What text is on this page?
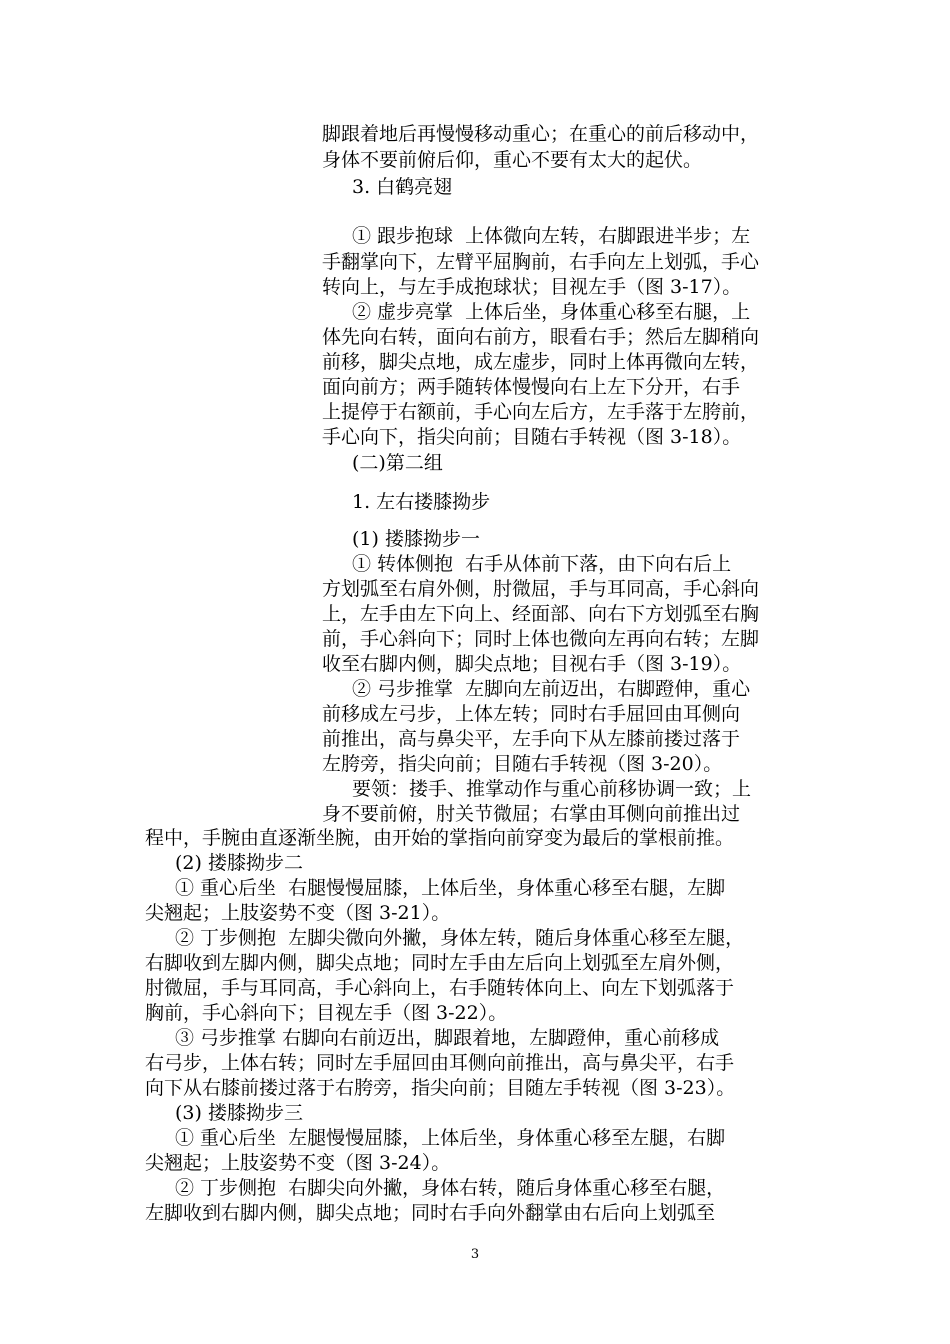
脚跟着地后再慢慢移动重心；在重心的前后移动中，
身体不要前俯后仰，重心不要有太大的起伏。
3. 白鹤亮翅
① 跟步抱球  上体微向左转，右脚跟进半步；左
手翻掌向下，左臂平屈胸前，右手向左上划弧，手心
转向上，与左手成抱球状；目视左手（图 3-17）。
② 虚步亮掌  上体后坐，身体重心移至右腿，上
体先向右转，面向右前方，眼看右手；然后左脚稍向
前移，脚尖点地，成左虚步，同时上体再微向左转，
面向前方；两手随转体慢慢向右上左下分开，右手
上提停于右额前，手心向左后方，左手落于左胯前，
手心向下，指尖向前；目随右手转视（图 3-18）。
(二)第二组
1. 左右搂膝拗步
(1) 搂膝拗步一
① 转体侧抱  右手从体前下落，由下向右后上
方划弧至右肩外侧，肘微屈，手与耳同高，手心斜向
上，左手由左下向上、经面部、向右下方划弧至右胸
前，手心斜向下；同时上体也微向左再向右转；左脚
收至右脚内侧，脚尖点地；目视右手（图 3-19）。
② 弓步推掌  左脚向左前迈出，右脚蹬伸，重心
前移成左弓步，上体左转；同时右手屈回由耳侧向
前推出，高与鼻尖平，左手向下从左膝前搂过落于
左胯旁，指尖向前；目随右手转视（图 3-20）。
要领：搂手、推掌动作与重心前移协调一致；上
身不要前俯，肘关节微屈；右掌由耳侧向前推出过
程中，手腕由直逐渐坐腕，由开始的掌指向前穿变为最后的掌根前推。
(2) 搂膝拗步二
① 重心后坐  右腿慢慢屈膝，上体后坐，身体重心移至右腿，左脚
尖翘起；上肢姿势不变（图 3-21）。
② 丁步侧抱  左脚尖微向外撇，身体左转，随后身体重心移至左腿，
右脚收到左脚内侧，脚尖点地；同时左手由左后向上划弧至左肩外侧，
肘微屈，手与耳同高，手心斜向上，右手随转体向上、向左下划弧落于
胸前，手心斜向下；目视左手（图 3-22）。
③ 弓步推掌 右脚向右前迈出，脚跟着地，左脚蹬伸，重心前移成
右弓步，上体右转；同时左手屈回由耳侧向前推出，高与鼻尖平，右手
向下从右膝前搂过落于右胯旁，指尖向前；目随左手转视（图 3-23）。
(3) 搂膝拗步三
① 重心后坐  左腿慢慢屈膝，上体后坐，身体重心移至左腿，右脚
尖翘起；上肢姿势不变（图 3-24）。
② 丁步侧抱  右脚尖向外撇，身体右转，随后身体重心移至右腿，
左脚收到右脚内侧，脚尖点地；同时右手向外翻掌由右后向上划弧至
3
